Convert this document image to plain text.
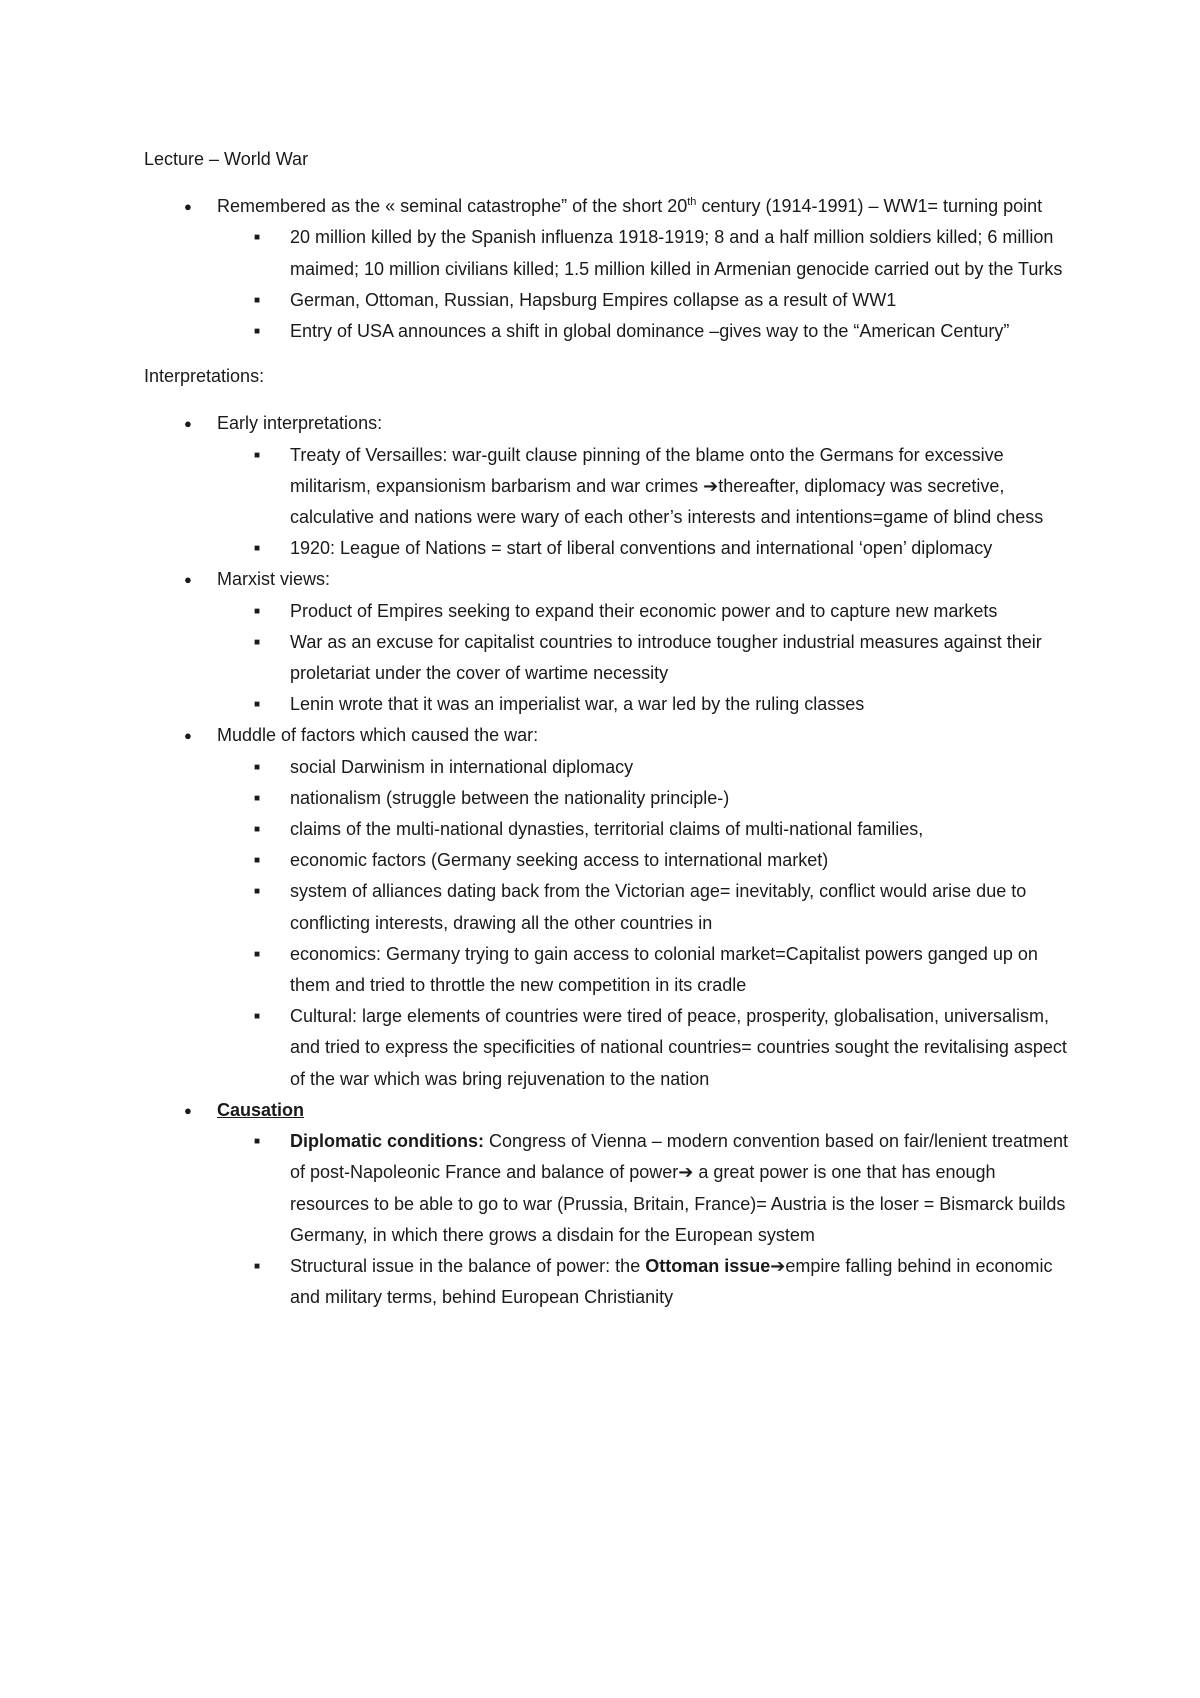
Lecture – World War
● Remembered as the « seminal catastrophe” of the short 20th century (1914-1991) – WW1= turning point
■ 20 million killed by the Spanish influenza 1918-1919; 8 and a half million soldiers killed; 6 million maimed; 10 million civilians killed; 1.5 million killed in Armenian genocide carried out by the Turks
■ German, Ottoman, Russian, Hapsburg Empires collapse as a result of WW1
■ Entry of USA announces a shift in global dominance –gives way to the “American Century”
Interpretations:
● Early interpretations:
■ Treaty of Versailles: war-guilt clause pinning of the blame onto the Germans for excessive militarism, expansionism barbarism and war crimes ➔thereafter, diplomacy was secretive, calculative and nations were wary of each other’s interests and intentions=game of blind chess
■ 1920: League of Nations = start of liberal conventions and international ‘open’ diplomacy
● Marxist views:
■ Product of Empires seeking to expand their economic power and to capture new markets
■ War as an excuse for capitalist countries to introduce tougher industrial measures against their proletariat under the cover of wartime necessity
■ Lenin wrote that it was an imperialist war, a war led by the ruling classes
● Muddle of factors which caused the war:
■ social Darwinism in international diplomacy
■ nationalism (struggle between the nationality principle-)
■ claims of the multi-national dynasties, territorial claims of multi-national families,
■ economic factors (Germany seeking access to international market)
■ system of alliances dating back from the Victorian age= inevitably, conflict would arise due to conflicting interests, drawing all the other countries in
■ economics: Germany trying to gain access to colonial market=Capitalist powers ganged up on them and tried to throttle the new competition in its cradle
■ Cultural: large elements of countries were tired of peace, prosperity, globalisation, universalism, and tried to express the specificities of national countries= countries sought the revitalising aspect of the war which was bring rejuvenation to the nation
● Causation
■ Diplomatic conditions: Congress of Vienna – modern convention based on fair/lenient treatment of post-Napoleonic France and balance of power➔ a great power is one that has enough resources to be able to go to war (Prussia, Britain, France)= Austria is the loser = Bismarck builds Germany, in which there grows a disdain for the European system
■ Structural issue in the balance of power: the Ottoman issue➔empire falling behind in economic and military terms, behind European Christianity
